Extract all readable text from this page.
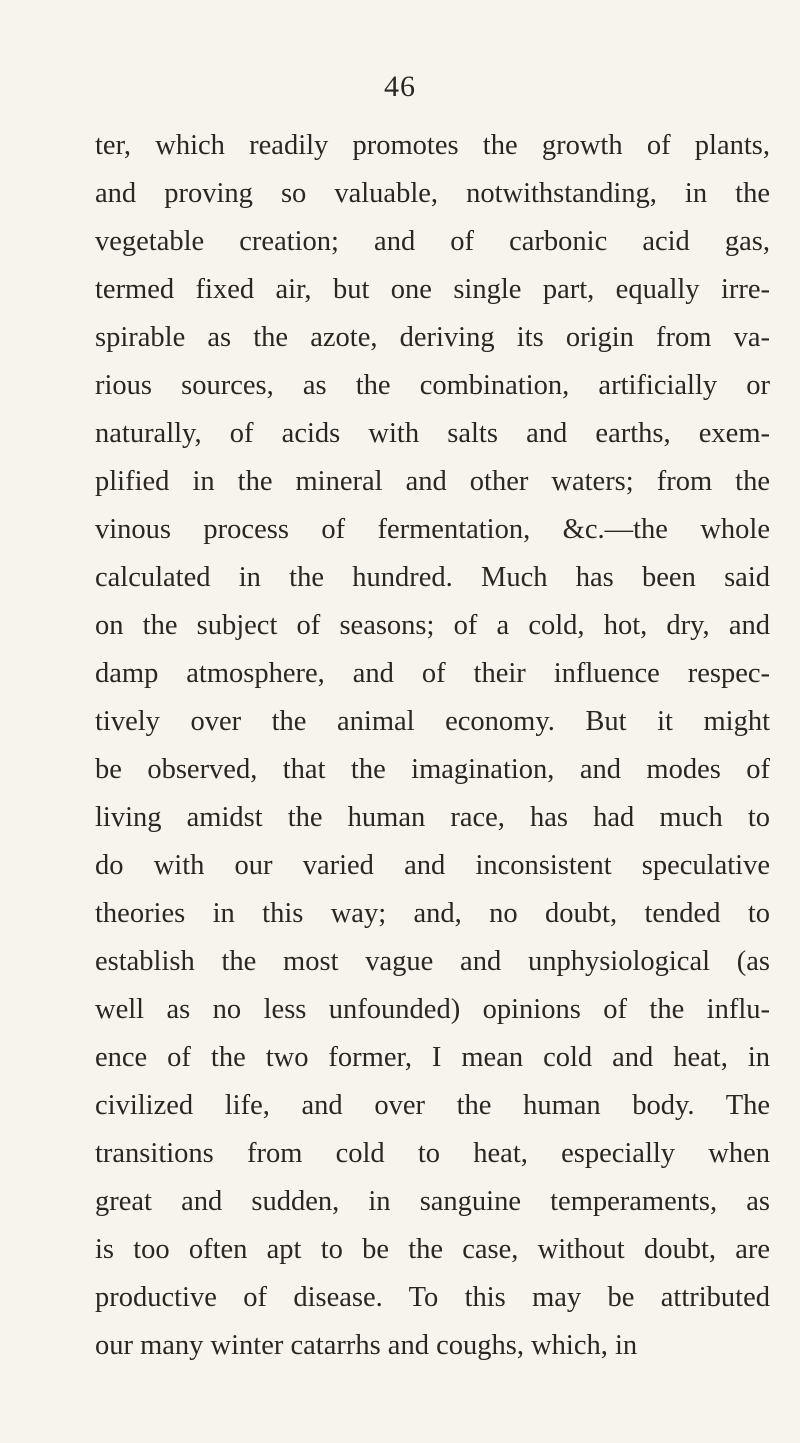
46
ter, which readily promotes the growth of plants,
and proving so valuable, notwithstanding, in the
vegetable creation; and of carbonic acid gas,
termed fixed air, but one single part, equally irre-
spirable as the azote, deriving its origin from va-
rious sources, as the combination, artificially or
naturally, of acids with salts and earths, exem-
plified in the mineral and other waters; from the
vinous process of fermentation, &c.—the whole
calculated in the hundred. Much has been said
on the subject of seasons; of a cold, hot, dry, and
damp atmosphere, and of their influence respec-
tively over the animal economy. But it might
be observed, that the imagination, and modes of
living amidst the human race, has had much to
do with our varied and inconsistent speculative
theories in this way; and, no doubt, tended to
establish the most vague and unphysiological (as
well as no less unfounded) opinions of the influ-
ence of the two former, I mean cold and heat, in
civilized life, and over the human body. The
transitions from cold to heat, especially when
great and sudden, in sanguine temperaments, as
is too often apt to be the case, without doubt, are
productive of disease. To this may be attributed
our many winter catarrhs and coughs, which, in
